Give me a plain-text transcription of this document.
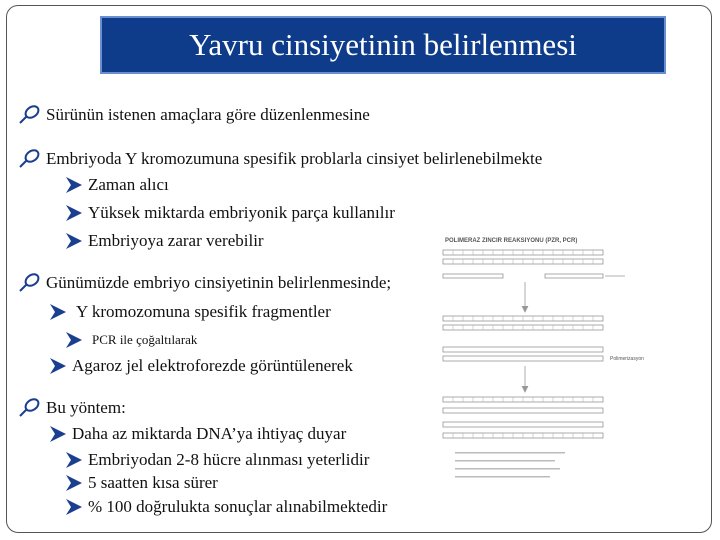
Yavru cinsiyetinin belirlenmesi
Sürünün istenen amaçlara göre düzenlenmesine
Embriyoda Y kromozumuna spesifik problarla cinsiyet belirlenebilmekte
Zaman alıcı
Yüksek miktarda embriyonik parça kullanılır
Embriyoya zarar verebilir
Günümüzde embriyo cinsiyetinin belirlenmesinde;
Y kromozomuna spesifik fragmentler
PCR ile çoğaltılarak
Agaroz jel elektroforezde görüntülenerek
Bu yöntem:
Daha az miktarda DNA’ya ihtiyaç duyar
Embriyodan 2-8 hücre alınması yeterlidir
5 saatten kısa sürer
% 100 doğrulukta sonuçlar alınabilmektedir
POLIMERAZ ZINCIR REAKSIYONU (PZR, PCR)
Polimerizasyon
